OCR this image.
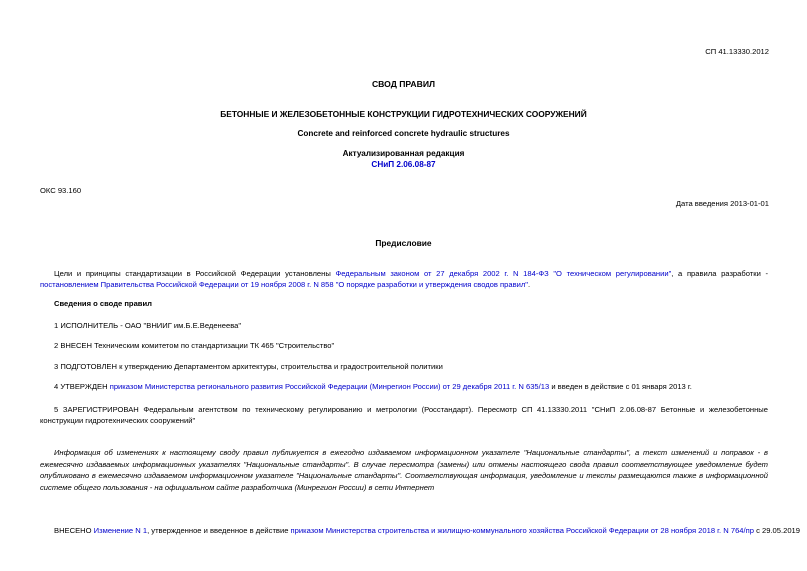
СП 41.13330.2012
СВОД ПРАВИЛ
БЕТОННЫЕ И ЖЕЛЕЗОБЕТОННЫЕ КОНСТРУКЦИИ ГИДРОТЕХНИЧЕСКИХ СООРУЖЕНИЙ
Concrete and reinforced concrete hydraulic structures
Актуализированная редакция
СНиП 2.06.08-87
ОКС 93.160
Дата введения 2013-01-01
Предисловие
Цели и принципы стандартизации в Российской Федерации установлены Федеральным законом от 27 декабря 2002 г. N 184-ФЗ "О техническом регулировании", а правила разработки - постановлением Правительства Российской Федерации от 19 ноября 2008 г. N 858 "О порядке разработки и утверждения сводов правил".
Сведения о своде правил
1 ИСПОЛНИТЕЛЬ - ОАО "ВНИИГ им.Б.Е.Веденеева"
2 ВНЕСЕН Техническим комитетом по стандартизации ТК 465 "Строительство"
3 ПОДГОТОВЛЕН к утверждению Департаментом архитектуры, строительства и градостроительной политики
4 УТВЕРЖДЕН приказом Министерства регионального развития Российской Федерации (Минрегион России) от 29 декабря 2011 г. N 635/13 и введен в действие с 01 января 2013 г.
5 ЗАРЕГИСТРИРОВАН Федеральным агентством по техническому регулированию и метрологии (Росстандарт). Пересмотр СП 41.13330.2011 "СНиП 2.06.08-87 Бетонные и железобетонные конструкции гидротехнических сооружений"
Информация об изменениях к настоящему своду правил публикуется в ежегодно издаваемом информационном указателе "Национальные стандарты", а текст изменений и поправок - в ежемесячно издаваемых информационных указателях "Национальные стандарты". В случае пересмотра (замены) или отмены настоящего свода правил соответствующее уведомление будет опубликовано в ежемесячно издаваемом информационном указателе "Национальные стандарты". Соответствующая информация, уведомление и тексты размещаются также в информационной системе общего пользования - на официальном сайте разработчика (Минрегион России) в сети Интернет
ВНЕСЕНО Изменение N 1, утвержденное и введенное в действие приказом Министерства строительства и жилищно-коммунального хозяйства Российской Федерации от 28 ноября 2018 г. N 764/пр с 29.05.2019
